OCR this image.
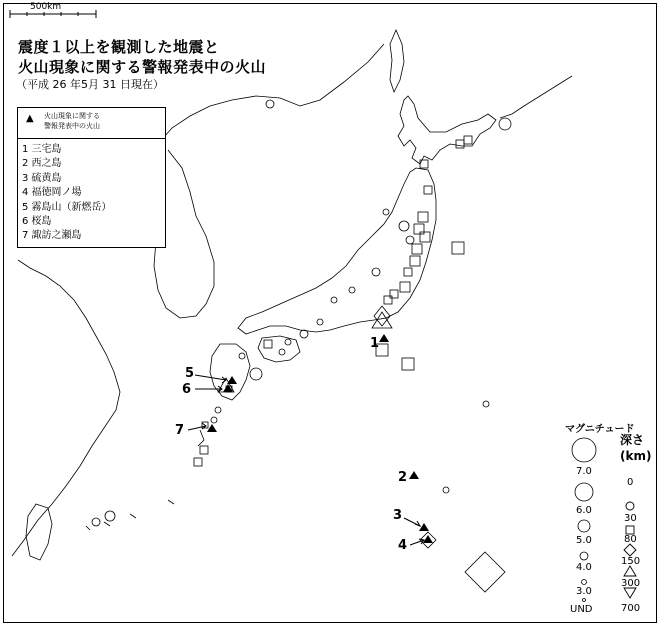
500km
震度１以上を観測した地震と
火山現象に関する警報発表中の火山
（平成 26 年5月 31 日現在）
▲ 火山現象に関する
警報発表中の火山
1 三宅島
2 西之島
3 硫黄島
4 福徳岡ノ場
5 霧島山（新燃岳）
6 桜島
7 諏訪之瀬島
1
2
3
4
5
6
7	マグニチュード
7.0
6.0
5.0
4.0
3.0
UND
深さ
(km)
0
30
80
150
300
700
